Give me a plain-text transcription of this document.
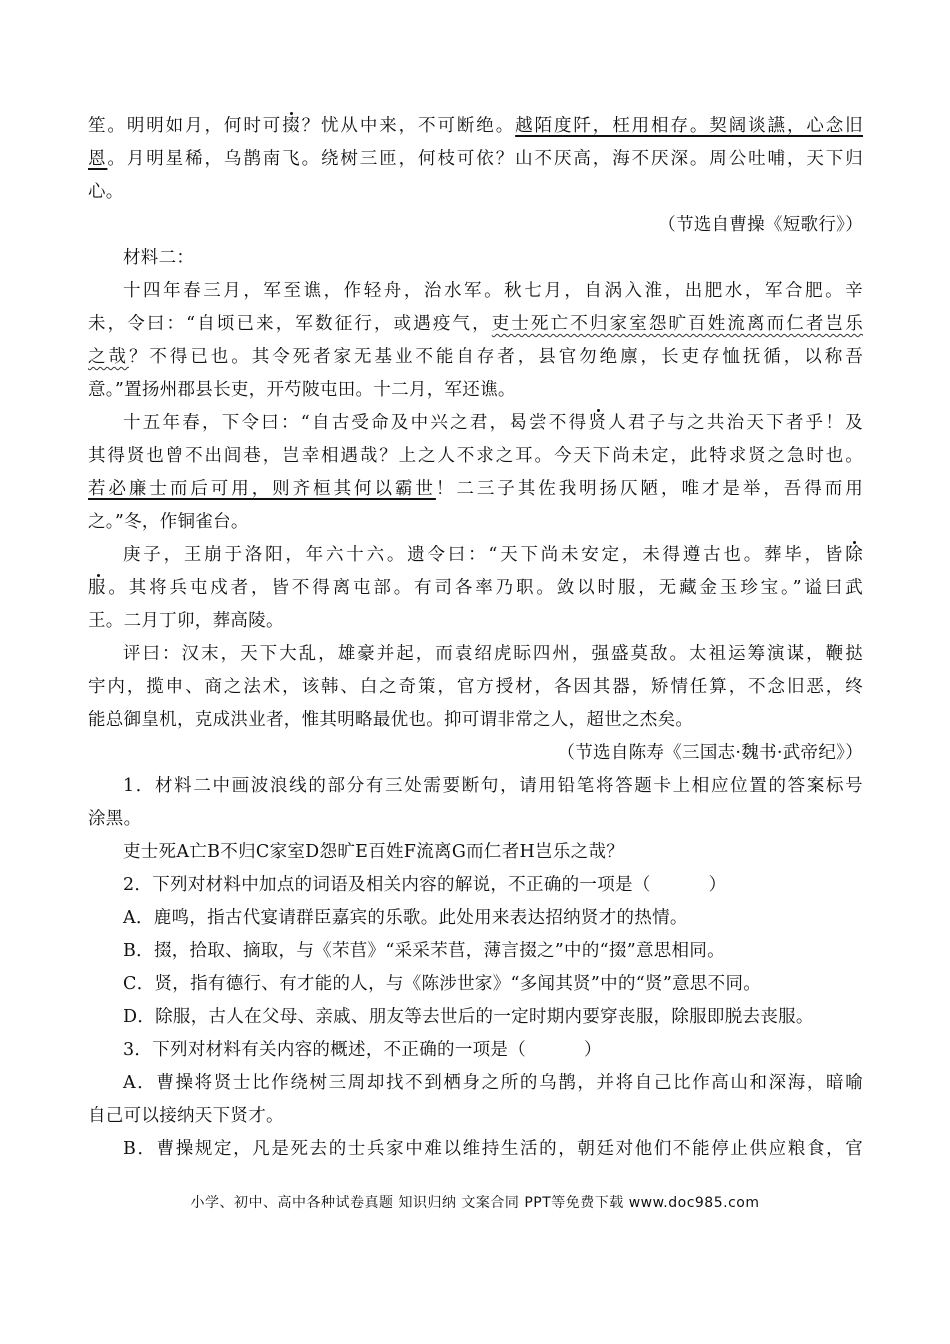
笙。明明如月，何时可掇？忧从中来，不可断绝。越陌度阡，枉用相存。契阔谈讌，心念旧
恩。月明星稀，乌鹊南飞。绕树三匝，何枝可依？山不厌高，海不厌深。周公吐哺，天下归
心。
（节选自曹操《短歌行》）
材料二：
十四年春三月，军至谯，作轻舟，治水军。秋七月，自涡入淮，出肥水，军合肥。辛
未，令曰：“自顷已来，军数征行，或遇疫气，吏士死亡不归家室怨旷百姓流离而仁者岂乐
之哉？不得已也。其令死者家无基业不能自存者，县官勿绝廪，长吏存恤抚循，以称吾
意。”置扬州郡县长吏，开芍陂屯田。十二月，军还谯。
十五年春，下令曰：“自古受命及中兴之君，曷尝不得贤人君子与之共治天下者乎！及
其得贤也曾不出闾巷，岂幸相遇哉？上之人不求之耳。今天下尚未定，此特求贤之急时也。
若必廉士而后可用，则齐桓其何以霸世！二三子其佐我明扬仄陋，唯才是举，吾得而用
之。”冬，作铜雀台。
庚子，王崩于洛阳，年六十六。遗令曰：“天下尚未安定，未得遵古也。葬毕，皆除
服。其将兵屯戍者，皆不得离屯部。有司各率乃职。敛以时服，无藏金玉珍宝。”谥曰武
王。二月丁卯，葬高陵。
评曰：汉末，天下大乱，雄豪并起，而袁绍虎眎四州，强盛莫敌。太祖运筹演谋，鞭挞
宇内，揽申、商之法术，该韩、白之奇策，官方授材，各因其器，矫情任算，不念旧恶，终
能总御皇机，克成洪业者，惟其明略最优也。抑可谓非常之人，超世之杰矣。
（节选自陈寿《三国志·魏书·武帝纪》）
1．材料二中画波浪线的部分有三处需要断句，请用铅笔将答题卡上相应位置的答案标号
涂黑。
吏士死A亡B不归C家室D怨旷E百姓F流离G而仁者H岂乐之哉？
2．下列对材料中加点的词语及相关内容的解说，不正确的一项是（	）
A．鹿鸣，指古代宴请群臣嘉宾的乐歌。此处用来表达招纳贤才的热情。
B．掇，拾取、摘取，与《芣苢》“采采芣苢，薄言掇之”中的“掇”意思相同。
C．贤，指有德行、有才能的人，与《陈涉世家》“多闻其贤”中的“贤”意思不同。
D．除服，古人在父母、亲戚、朋友等去世后的一定时期内要穿丧服，除服即脱去丧服。
3．下列对材料有关内容的概述，不正确的一项是（	）
A．曹操将贤士比作绕树三周却找不到栖身之所的乌鹊，并将自己比作高山和深海，暗喻
自己可以接纳天下贤才。
B．曹操规定，凡是死去的士兵家中难以维持生活的，朝廷对他们不能停止供应粮食，官
小学、初中、高中各种试卷真题 知识归纳 文案合同 PPT等免费下载 www.doc985.com
